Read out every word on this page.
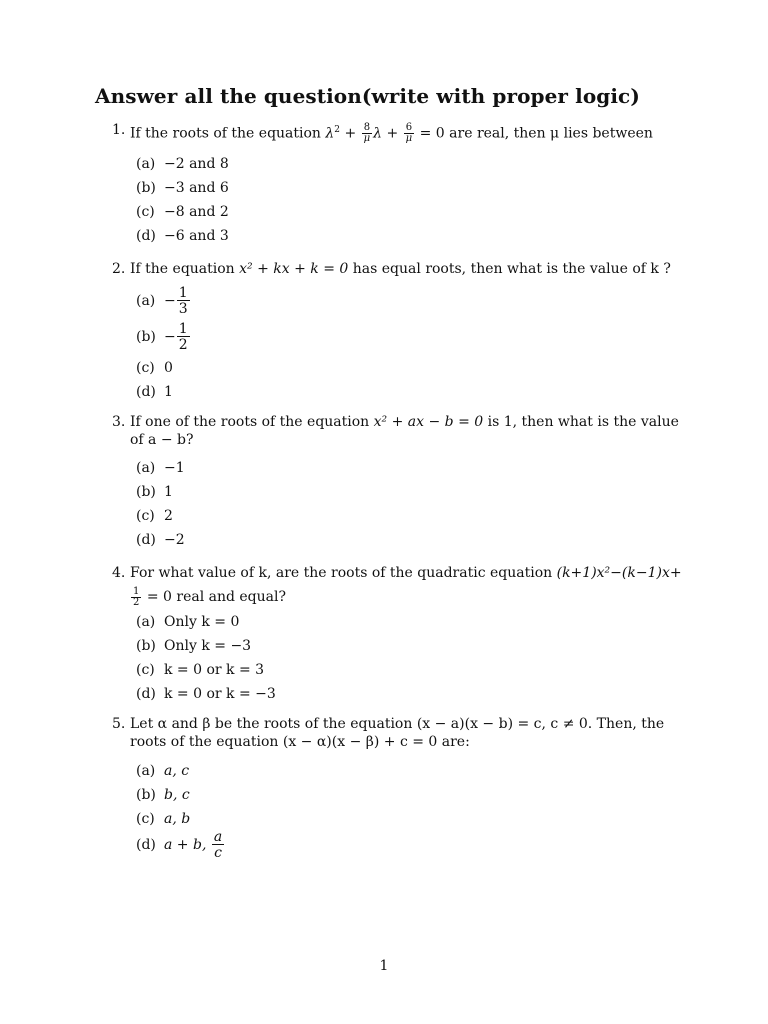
Answer all the question(write with proper logic)
1. If the roots of the equation $\lambda^2 + \frac{8}{\mu}$ $\lambda + \frac{6}{\mu} = 0$ are real, then μ lies between
(a) −2 and 8
(b) −3 and 6
(c) −8 and 2
(d) −6 and 3
2. If the equation x² + kx + k = 0 has equal roots, then what is the value of k ?
$(a) - \frac{1}{3}$
$(b) - \frac{1}{2}$
(c) 0
(d) 1
3. If one of the roots of the equation x² + ax − b = 0 is 1, then what is the value of a − b?
(a) −1
(b) 1
(c) 2
(d) −2
4. For what value of k, are the roots of the quadratic equation (k+1)x²−(k−1)x+
$\frac{1}{2} = 0$ real and equal?
(a) Only k = 0
(b) Only k = −3
(c) k = 0 or k = 3
(d) k = 0 or k = −3
5. Let α and β be the roots of the equation (x − a)(x − b) = c, c ≠ 0. Then, the roots of the equation (x − α)(x − β) + c = 0 are:
(a) a, c
(b) b, c
(c) a, b
(d) a + b, $\frac{a}{c}$
1
